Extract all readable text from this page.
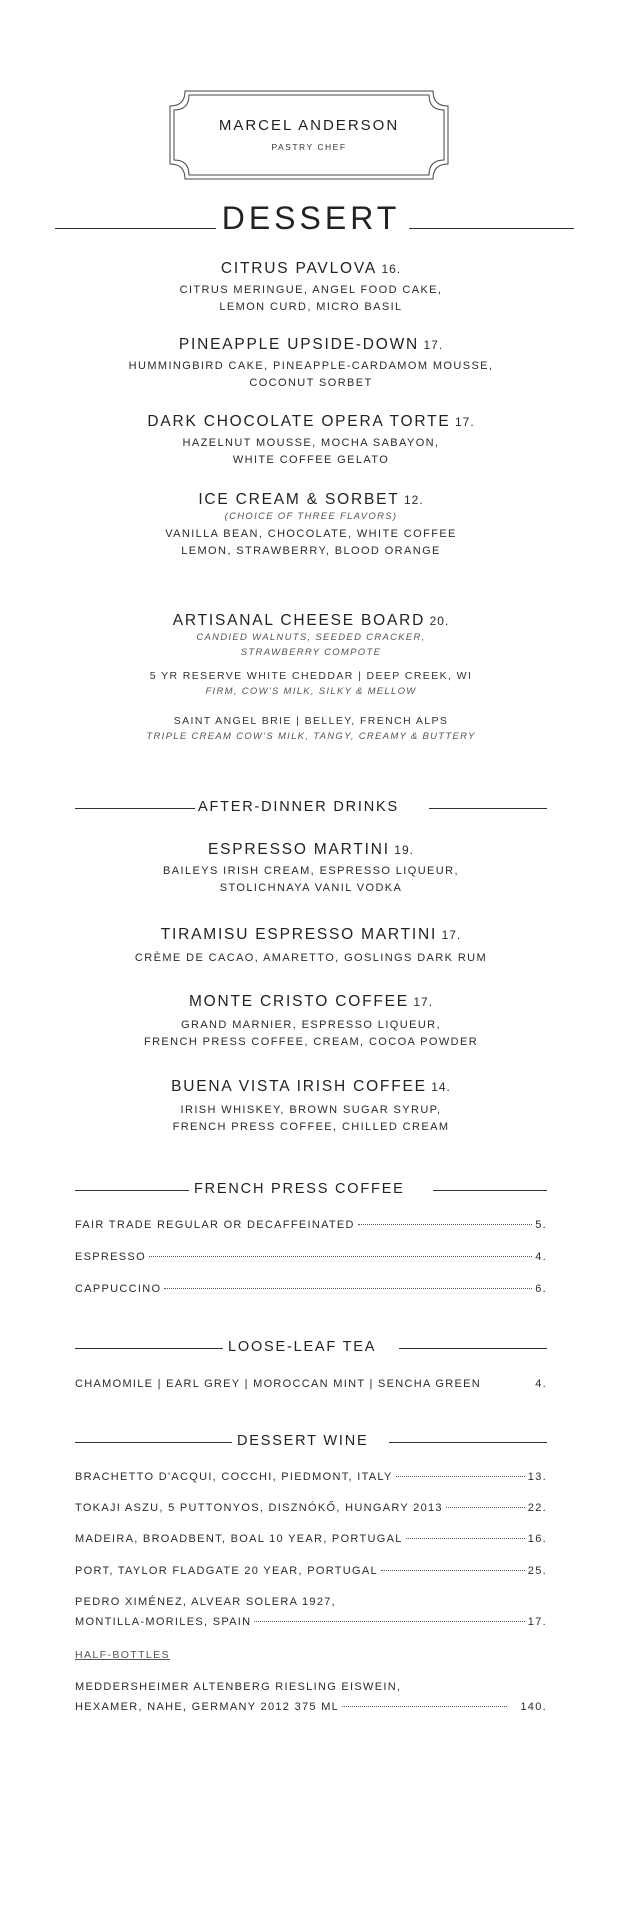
MARCEL ANDERSON
PASTRY CHEF
DESSERT
CITRUS PAVLOVA 16.
CITRUS MERINGUE, ANGEL FOOD CAKE,
LEMON CURD, MICRO BASIL
PINEAPPLE UPSIDE-DOWN 17.
HUMMINGBIRD CAKE, PINEAPPLE-CARDAMOM MOUSSE,
COCONUT SORBET
DARK CHOCOLATE OPERA TORTE 17.
HAZELNUT MOUSSE, MOCHA SABAYON,
WHITE COFFEE GELATO
ICE CREAM & SORBET 12.
(CHOICE OF THREE FLAVORS)
VANILLA BEAN, CHOCOLATE, WHITE COFFEE
LEMON, STRAWBERRY, BLOOD ORANGE
ARTISANAL CHEESE BOARD 20.
CANDIED WALNUTS, SEEDED CRACKER,
STRAWBERRY COMPOTE
5 YR RESERVE WHITE CHEDDAR | DEEP CREEK, WI
FIRM, COW'S MILK, SILKY & MELLOW
SAINT ANGEL BRIE | BELLEY, FRENCH ALPS
TRIPLE CREAM COW'S MILK, TANGY, CREAMY & BUTTERY
AFTER-DINNER DRINKS
ESPRESSO MARTINI 19.
BAILEYS IRISH CREAM, ESPRESSO LIQUEUR,
STOLICHNAYA VANIL VODKA
TIRAMISU ESPRESSO MARTINI 17.
CRÈME DE CACAO, AMARETTO, GOSLINGS DARK RUM
MONTE CRISTO COFFEE 17.
GRAND MARNIER, ESPRESSO LIQUEUR,
FRENCH PRESS COFFEE, CREAM, COCOA POWDER
BUENA VISTA IRISH COFFEE 14.
IRISH WHISKEY, BROWN SUGAR SYRUP,
FRENCH PRESS COFFEE, CHILLED CREAM
FRENCH PRESS COFFEE
FAIR TRADE REGULAR OR DECAFFEINATED	5.
ESPRESSO	4.
CAPPUCCINO	6.
LOOSE-LEAF TEA
CHAMOMILE | EARL GREY | MOROCCAN MINT | SENCHA GREEN	4.
DESSERT WINE
BRACHETTO D'ACQUI, COCCHI, PIEDMONT, ITALY	13.
TOKAJI ASZU, 5 PUTTONYOS, DISZNÓKŐ, HUNGARY 2013	22.
MADEIRA, BROADBENT, BOAL 10 YEAR, PORTUGAL	16.
PORT, TAYLOR FLADGATE 20 YEAR, PORTUGAL	25.
PEDRO XIMÉNEZ, ALVEAR SOLERA 1927,
MONTILLA-MORILES, SPAIN	17.
HALF-BOTTLES
MEDDERSHEIMER ALTENBERG RIESLING EISWEIN,
HEXAMER, NAHE, GERMANY 2012 375 ML	140.
